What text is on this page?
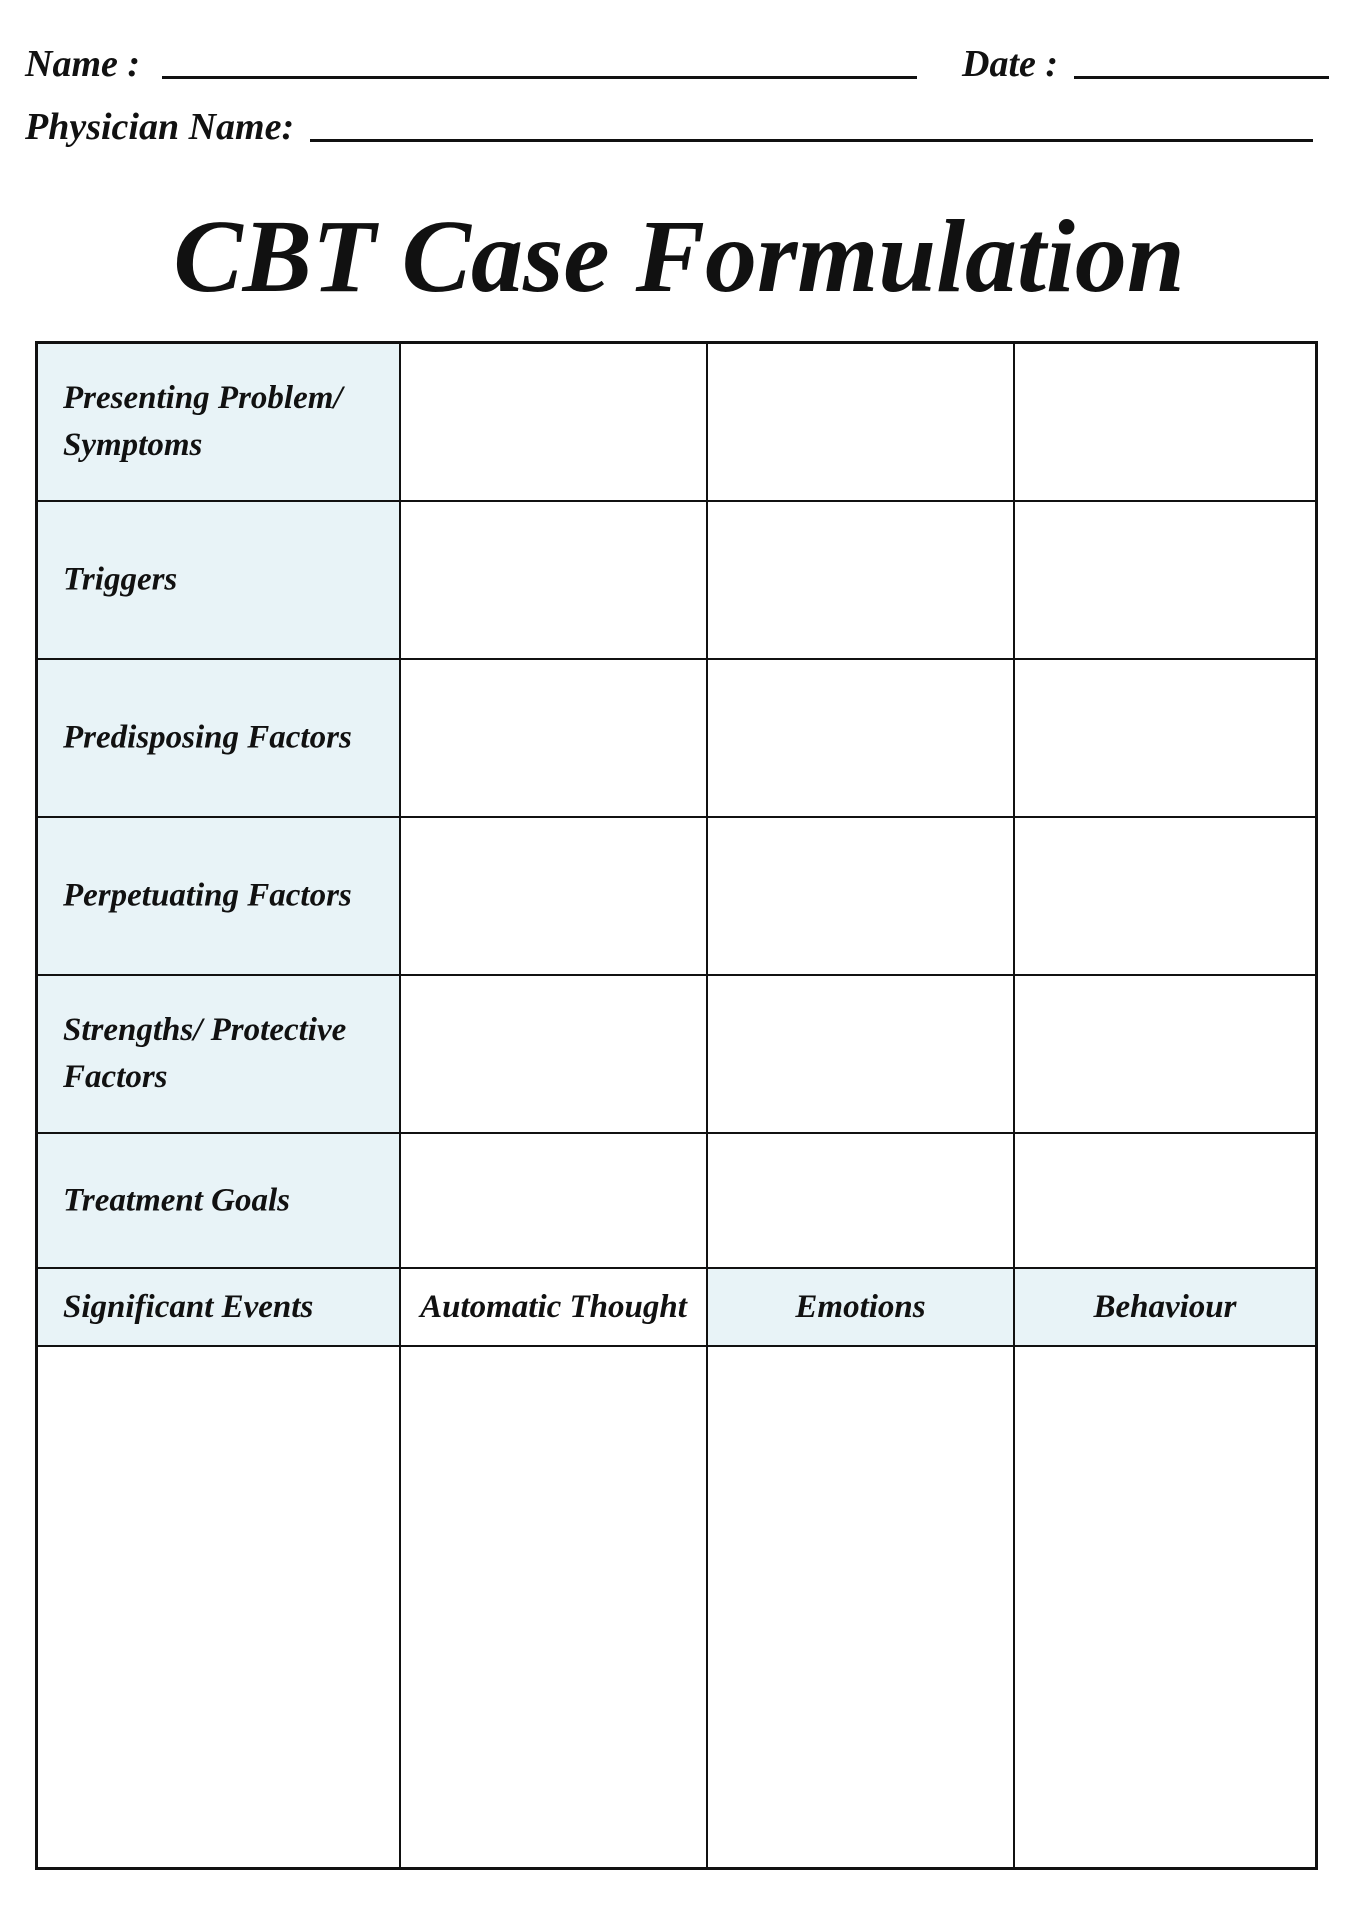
Name :	Date :
Physician Name:
CBT Case Formulation
Presenting Problem/ Symptoms
Triggers
Predisposing Factors
Perpetuating Factors
Strengths/ Protective Factors
Treatment Goals
Significant Events	Automatic Thought	Emotions	Behaviour
